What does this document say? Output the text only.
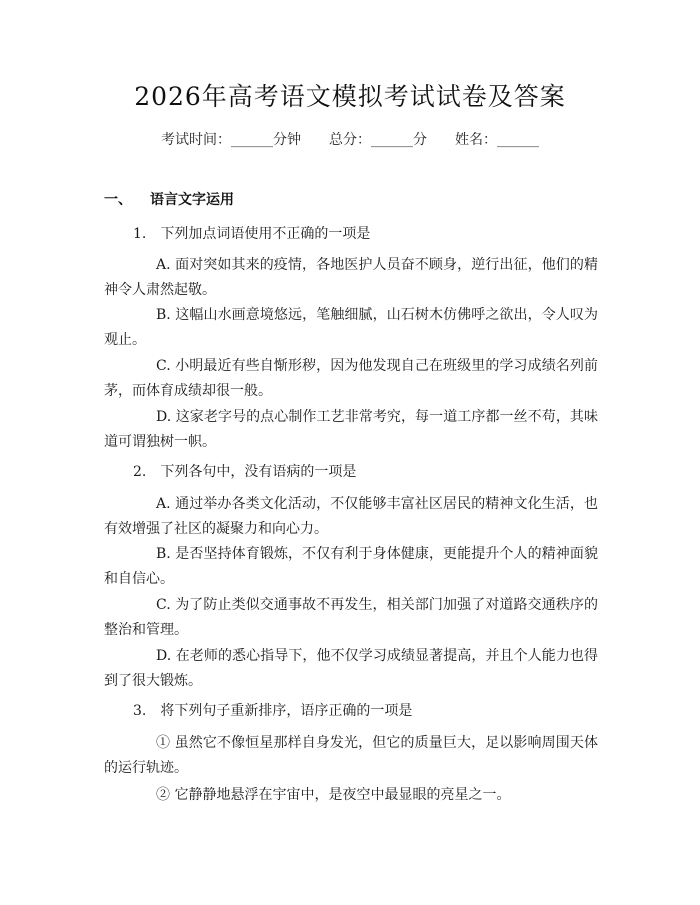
2026年高考语文模拟考试试卷及答案
考试时间：______分钟 总分：______分 姓名：______
一、 语言文字运用
1. 下列加点词语使用不正确的一项是
A. 面对突如其来的疫情，各地医护人员奋不顾身，逆行出征，他们的精神令人肃然起敬。
B. 这幅山水画意境悠远，笔触细腻，山石树木仿佛呼之欲出，令人叹为观止。
C. 小明最近有些自惭形秽，因为他发现自己在班级里的学习成绩名列前茅，而体育成绩却很一般。
D. 这家老字号的点心制作工艺非常考究，每一道工序都一丝不苟，其味道可谓独树一帜。
2. 下列各句中，没有语病的一项是
A. 通过举办各类文化活动，不仅能够丰富社区居民的精神文化生活，也有效增强了社区的凝聚力和向心力。
B. 是否坚持体育锻炼，不仅有利于身体健康，更能提升个人的精神面貌和自信心。
C. 为了防止类似交通事故不再发生，相关部门加强了对道路交通秩序的整治和管理。
D. 在老师的悉心指导下，他不仅学习成绩显著提高，并且个人能力也得到了很大锻炼。
3. 将下列句子重新排序，语序正确的一项是
① 虽然它不像恒星那样自身发光，但它的质量巨大，足以影响周围天体的运行轨迹。
② 它静静地悬浮在宇宙中，是夜空中最显眼的亮星之一。
